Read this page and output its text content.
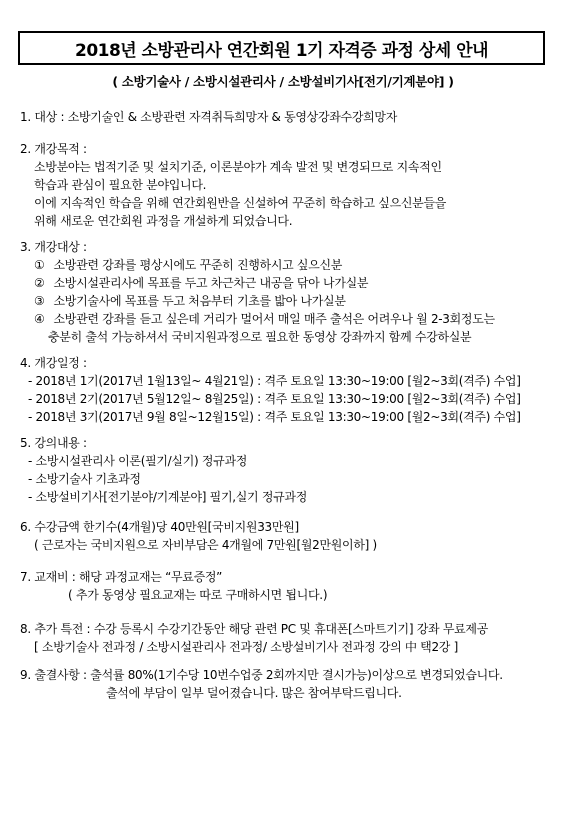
2018년 소방관리사 연간회원 1기 자격증 과정 상세 안내
( 소방기술사 / 소방시설관리사 / 소방설비기사[전기/기계분야] )
1. 대상 : 소방기술인 & 소방관련 자격취득희망자 & 동영상강좌수강희망자
2. 개강목적 :
소방분야는 법적기준 및 설치기준, 이론분야가 계속 발전 및 변경되므로 지속적인
학습과 관심이 필요한 분야입니다.
이에 지속적인 학습을 위해 연간회원반을 신설하여 꾸준히 학습하고 싶으신분들을
위해 새로운 연간회원 과정을 개설하게 되었습니다.
3. 개강대상 :
① 소방관련 강좌를 평상시에도 꾸준히 진행하시고 싶으신분
② 소방시설관리사에 목표를 두고 차근차근 내공을 닦아 나가실분
③ 소방기술사에 목표를 두고 처음부터 기초를 밟아 나가실분
④ 소방관련 강좌를 듣고 싶은데 거리가 멀어서 매일 매주 출석은 어려우나 월 2-3회정도는
충분히 출석 가능하셔서 국비지원과정으로 필요한 동영상 강좌까지 함께 수강하실분
4. 개강일정 :
- 2018년 1기(2017년 1월13일~ 4월21일) : 격주 토요일 13:30~19:00 [월2~3회(격주) 수업]
- 2018년 2기(2017년 5월12일~ 8월25일) : 격주 토요일 13:30~19:00 [월2~3회(격주) 수업]
- 2018년 3기(2017년 9월 8일~12월15일) : 격주 토요일 13:30~19:00 [월2~3회(격주) 수업]
5. 강의내용 :
- 소방시설관리사 이론(필기/실기) 정규과정
- 소방기술사 기초과정
- 소방설비기사[전기분야/기계분야] 필기,실기 정규과정
6. 수강금액 한기수(4개월)당 40만원[국비지원33만원]
( 근로자는 국비지원으로 자비부담은 4개월에 7만원[월2만원이하] )
7. 교재비 : 해당 과정교재는 “무료증정”
( 추가 동영상 필요교재는 따로 구매하시면 됩니다.)
8. 추가 특전 : 수강 등록시 수강기간동안 해당 관련 PC 및 휴대폰[스마트기기] 강좌 무료제공
[ 소방기술사 전과정 / 소방시설관리사 전과정/ 소방설비기사 전과정 강의 中 택2강 ]
9. 출결사항 : 출석률 80%(1기수당 10번수업중 2회까지만 결시가능)이상으로 변경되었습니다.
출석에 부담이 일부 덜어졌습니다. 많은 참여부탁드립니다.
